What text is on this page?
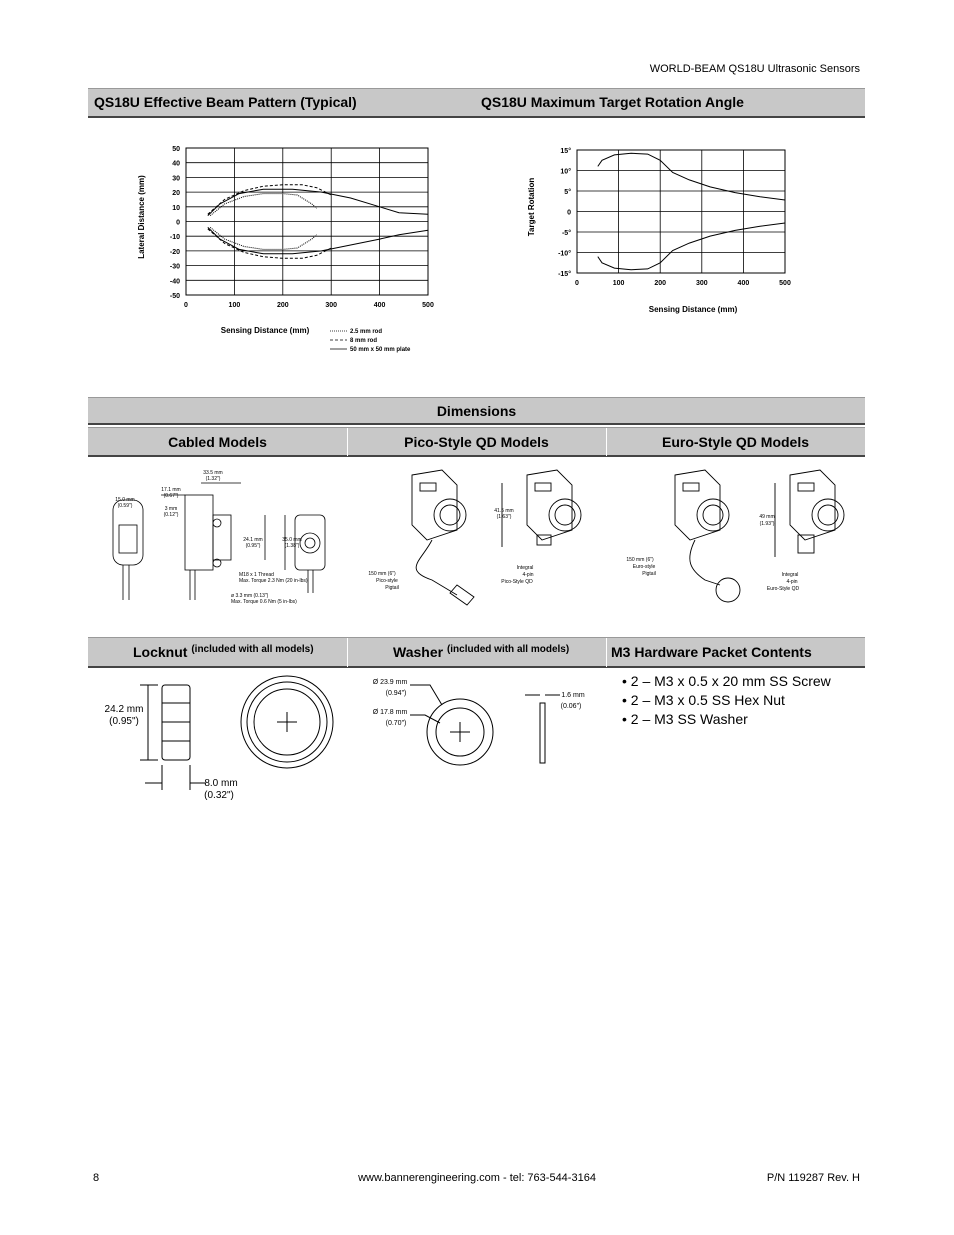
WORLD-BEAM QS18U Ultrasonic Sensors
QS18U Effective Beam Pattern (Typical)	QS18U Maximum Target Rotation Angle
0	100	200	300	400	500
50
40
30
20
10
0
-10
-20
-30
-40
-50
Lateral Distance (mm)
Sensing Distance (mm)	2.5 mm rod
8 mm rod
50 mm x 50 mm plate
0	100	200	300	400	500
15°
10°
5°
0
-5°
-10°
-15°
Target Rotation
Sensing Distance (mm)
Dimensions
Cabled Models	Pico-Style QD Models	Euro-Style QD Models
33.5 mm
(1.32")
17.1 mm
(0.67")
3 mm
(0.12")
15.0 mm
(0.59")
24.1 mm
(0.95")
35.0 mm
(1.38")
M18 x 1 Thread
Max. Torque 2.3 Nm (20 in-lbs)
ø 3.3 mm (0.13")
Max. Torque 0.6 Nm (5 in-lbs)
41.5 mm
(1.63")
150 mm (6")
Pico-style
Pigtail
Integral
4-pin
Pico-Style QD
49 mm
(1.93")
150 mm (6")
Euro-style
Pigtail	Integral
4-pin
Euro-Style QD
Locknut $^{(included with all models)}$	Washer $^{(included with all models)}$	M3 Hardware Packet Contents
24.2 mm
(0.95")
8.0 mm
(0.32")
Ø 23.9 mm
(0.94")
Ø 17.8 mm
(0.70")
1.6 mm
(0.06")
• 2 – M3 x 0.5 x 20 mm SS Screw
• 2 – M3 x 0.5 SS Hex Nut
• 2 – M3 SS Washer
8	www.bannerengineering.com - tel: 763-544-3164	P/N 119287 Rev. H
